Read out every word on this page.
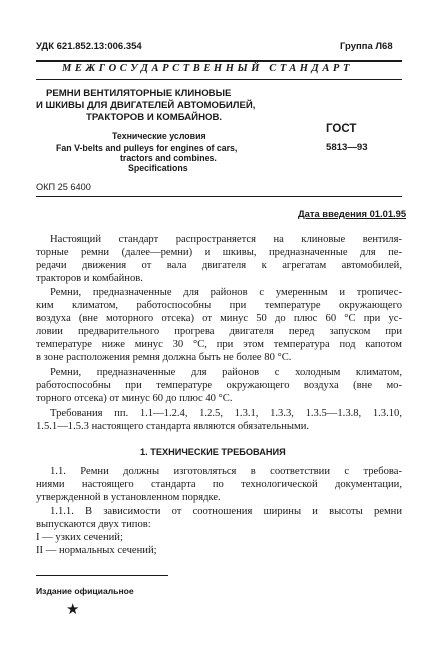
УДК 621.852.13:006.354	Группа Л68
МЕЖГОСУДАРСТВЕННЫЙ СТАНДАРТ
РЕМНИ ВЕНТИЛЯТОРНЫЕ КЛИНОВЫЕ
И ШКИВЫ ДЛЯ ДВИГАТЕЛЕЙ АВТОМОБИЛЕЙ,
ТРАКТОРОВ И КОМБАЙНОВ.
Технические условия
Fan V-belts and pulleys for engines of cars,
tractors and combines.
Specifications
ГОСТ
5813—93
ОКП 25 6400
Дата введения 01.01.95
Настоящий стандарт распространяется на клиновые вентиля-
торные ремни (далее—ремни) и шкивы, предназначенные для пе-
редачи движения от вала двигателя к агрегатам автомобилей,
тракторов и комбайнов.
Ремни, предназначенные для районов с умеренным и тропичес-
ким климатом, работоспособны при температуре окружающего
воздуха (вне моторного отсека) от минус 50 до плюс 60 °С при ус-
ловии предварительного прогрева двигателя перед запуском при
температуре ниже минус 30 °С, при этом температура под капотом
в зоне расположения ремня должна быть не более 80 °С.
Ремни, предназначенные для районов с холодным климатом,
работоспособны при температуре окружающего воздуха (вне мо-
торного отсека) от минус 60 до плюс 40 °С.
Требования пп. 1.1—1.2.4, 1.2.5, 1.3.1, 1.3.3, 1.3.5—1.3.8, 1.3.10,
1.5.1—1.5.3 настоящего стандарта являются обязательными.
1. ТЕХНИЧЕСКИЕ ТРЕБОВАНИЯ
1.1. Ремни должны изготовляться в соответствии с требова-
ниями настоящего стандарта по технологической документации,
утвержденной в установленном порядке.
1.1.1. В зависимости от соотношения ширины и высоты ремни
выпускаются двух типов:
I — узких сечений;
II — нормальных сечений;
Издание официальное
★
